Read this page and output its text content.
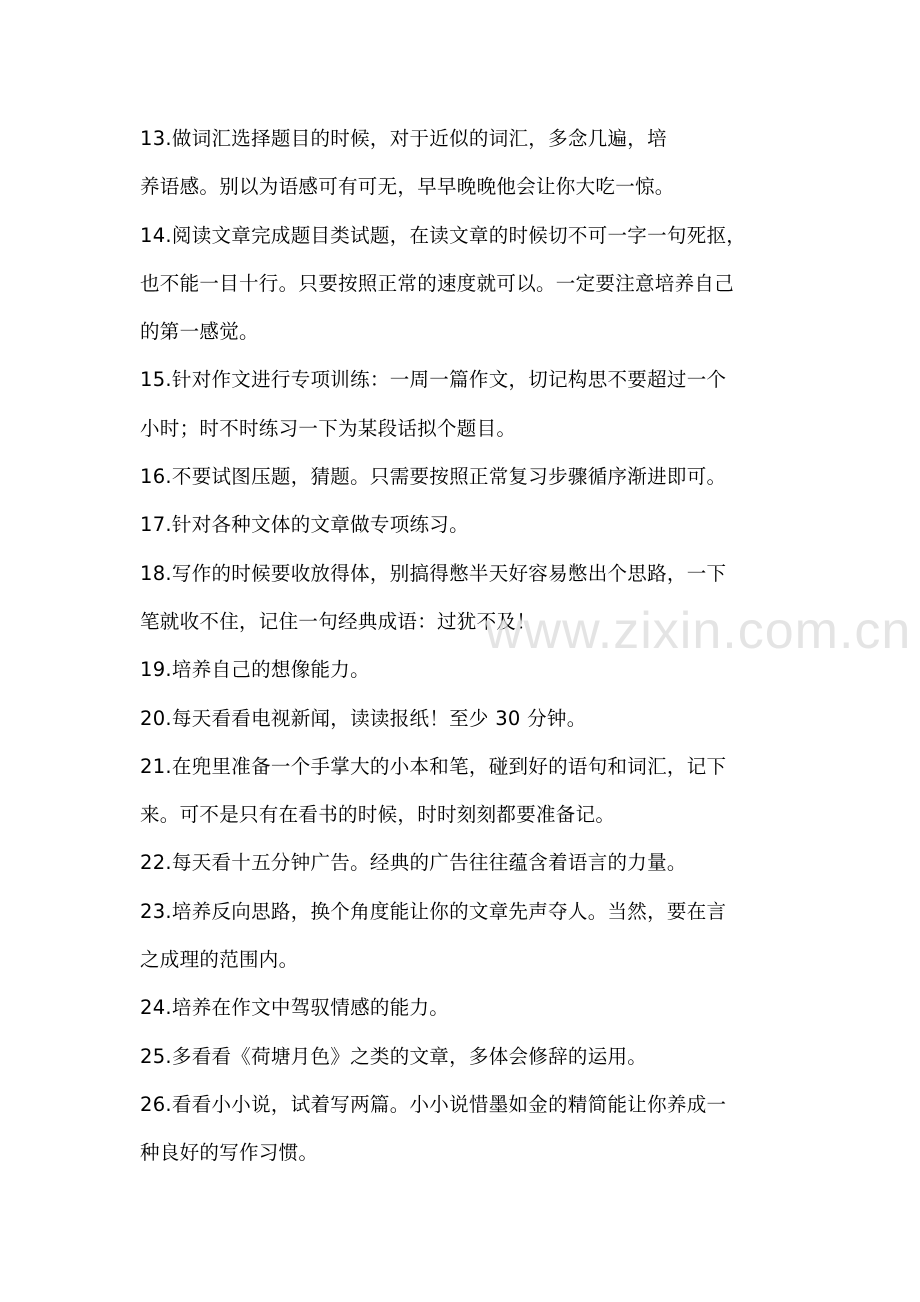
13.做词汇选择题目的时候，对于近似的词汇，多念几遍，培
养语感。别以为语感可有可无，早早晚晚他会让你大吃一惊。
14.阅读文章完成题目类试题，在读文章的时候切不可一字一句死抠，
也不能一目十行。只要按照正常的速度就可以。一定要注意培养自己
的第一感觉。
15.针对作文进行专项训练：一周一篇作文，切记构思不要超过一个
小时；时不时练习一下为某段话拟个题目。
16.不要试图压题，猜题。只需要按照正常复习步骤循序渐进即可。
17.针对各种文体的文章做专项练习。
18.写作的时候要收放得体，别搞得憋半天好容易憋出个思路，一下
笔就收不住，记住一句经典成语：过犹不及！
19.培养自己的想像能力。
20.每天看看电视新闻，读读报纸！至少 30 分钟。
21.在兜里准备一个手掌大的小本和笔，碰到好的语句和词汇，记下
来。可不是只有在看书的时候，时时刻刻都要准备记。
22.每天看十五分钟广告。经典的广告往往蕴含着语言的力量。
23.培养反向思路，换个角度能让你的文章先声夺人。当然，要在言
之成理的范围内。
24.培养在作文中驾驭情感的能力。
25.多看看《荷塘月色》之类的文章，多体会修辞的运用。
26.看看小小说，试着写两篇。小小说惜墨如金的精简能让你养成一
种良好的写作习惯。
www.zixin.com.cn
